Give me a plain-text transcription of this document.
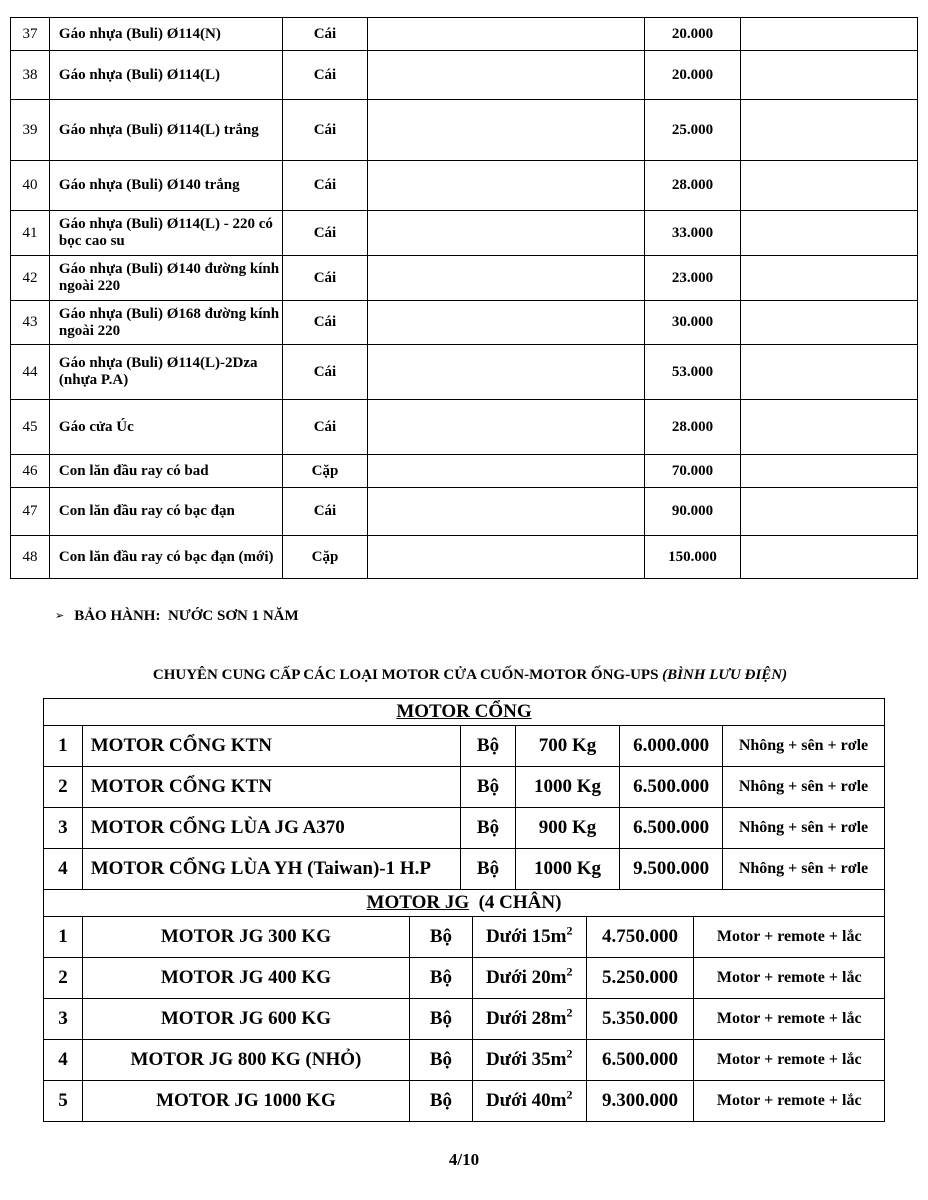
37	Gáo nhựa (Buli) Ø114(N)	Cái		20.000	
38	Gáo nhựa (Buli) Ø114(L)	Cái		20.000	
39	Gáo nhựa (Buli) Ø114(L) trắng	Cái		25.000	
40	Gáo nhựa (Buli) Ø140 trắng	Cái		28.000	
41	Gáo nhựa (Buli) Ø114(L) - 220 có bọc cao su	Cái		33.000	
42	Gáo nhựa (Buli) Ø140 đường kính ngoài 220	Cái		23.000	
43	Gáo nhựa (Buli) Ø168 đường kính ngoài 220	Cái		30.000	
44	Gáo nhựa (Buli) Ø114(L)-2Dza (nhựa P.A)	Cái		53.000	
45	Gáo cửa Úc	Cái		28.000	
46	Con lăn đầu ray có bad	Cặp		70.000	
47	Con lăn đầu ray có bạc đạn	Cái		90.000	
48	Con lăn đầu ray có bạc đạn (mới)	Cặp		150.000	
➢ BẢO HÀNH:  NƯỚC SƠN 1 NĂM
CHUYÊN CUNG CẤP CÁC LOẠI MOTOR CỬA CUỐN-MOTOR ỐNG-UPS (BÌNH LƯU ĐIỆN)
MOTOR CỔNG					
1	MOTOR CỔNG KTN	Bộ	700 Kg	6.000.000	Nhông + sên + rơle
2	MOTOR CỔNG KTN	Bộ	1000 Kg	6.500.000	Nhông + sên + rơle
3	MOTOR CỔNG LÙA JG A370	Bộ	900 Kg	6.500.000	Nhông + sên + rơle
4	MOTOR CỔNG LÙA YH (Taiwan)-1 H.P	Bộ	1000 Kg	9.500.000	Nhông + sên + rơle
MOTOR JG  (4 CHÂN)					
1	MOTOR JG 300 KG	Bộ	Dưới $15m^2$	4.750.000	Motor + remote + lắc
2	MOTOR JG 400 KG	Bộ	Dưới $20m^2$	5.250.000	Motor + remote + lắc
3	MOTOR JG 600 KG	Bộ	Dưới $28m^2$	5.350.000	Motor + remote + lắc
4	MOTOR JG 800 KG (NHỎ)	Bộ	Dưới $35m^2$	6.500.000	Motor + remote + lắc
5	MOTOR JG 1000 KG	Bộ	Dưới $40m^2$	9.300.000	Motor + remote + lắc
4/10
